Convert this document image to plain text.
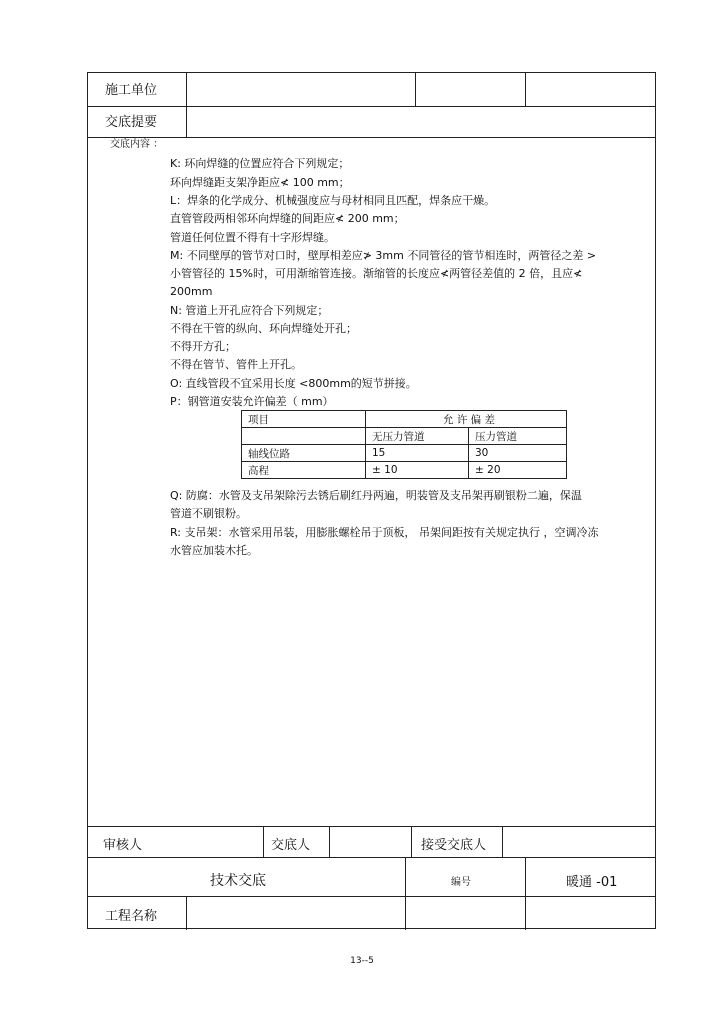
施工单位
交底提要
交底内容 ：
K: 环向焊缝的位置应符合下列规定；
环向焊缝距支架净距应≮ 100 mm；
L：焊条的化学成分、机械强度应与母材相同且匹配，焊条应干燥。
直管管段两相邻环向焊缝的间距应≮ 200 mm；
管道任何位置不得有十字形焊缝。
M: 不同壁厚的管节对口时，壁厚相差应≯ 3mm 不同管径的管节相连时，两管径之差 >
小管管径的 15%时，可用渐缩管连接。渐缩管的长度应≮两管径差值的 2 倍，且应≮
200mm
N: 管道上开孔应符合下列规定；
不得在干管的纵向、环向焊缝处开孔；
不得开方孔；
不得在管节、管件上开孔。
O: 直线管段不宜采用长度 <800mm的短节拼接。
P：钢管道安装允许偏差（ mm）
项目	允 许 偏 差	
	无压力管道	压力管道
轴线位路	15	30
高程	± 10	± 20
Q: 防腐：水管及支吊架除污去锈后刷红丹两遍，明装管及支吊架再刷银粉二遍，保温
管道不刷银粉。
R: 支吊架：水管采用吊装，用膨胀螺栓吊于顶板， 吊架间距按有关规定执行 ，空调冷冻
水管应加装木托。
审核人	交底人	接受交底人
技术交底	编号	暖通 -01
工程名称
13--5
